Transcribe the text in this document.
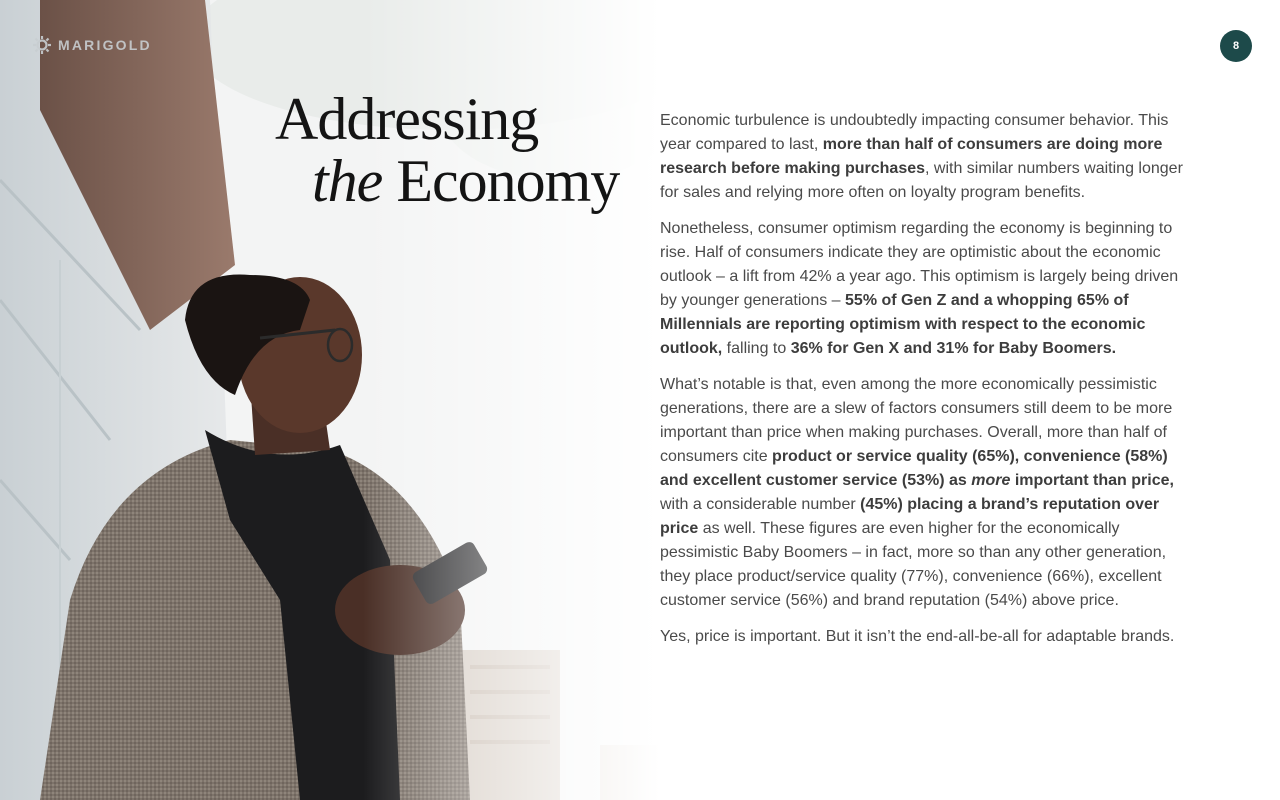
MARIGOLD	8
Addressing
the Economy

Economic turbulence is undoubtedly impacting consumer behavior. This year compared to last, more than half of consumers are doing more research before making purchases, with similar numbers waiting longer for sales and relying more often on loyalty program benefits.

Nonetheless, consumer optimism regarding the economy is beginning to rise. Half of consumers indicate they are optimistic about the economic outlook – a lift from 42% a year ago. This optimism is largely being driven by younger generations – 55% of Gen Z and a whopping 65% of Millennials are reporting optimism with respect to the economic outlook, falling to 36% for Gen X and 31% for Baby Boomers.

What’s notable is that, even among the more economically pessimistic generations, there are a slew of factors consumers still deem to be more important than price when making purchases. Overall, more than half of consumers cite product or service quality (65%), convenience (58%) and excellent customer service (53%) as more important than price, with a considerable number (45%) placing a brand’s reputation over price as well. These figures are even higher for the economically pessimistic Baby Boomers – in fact, more so than any other generation, they place product/service quality (77%), convenience (66%), excellent customer service (56%) and brand reputation (54%) above price.

Yes, price is important. But it isn’t the end-all-be-all for adaptable brands.
